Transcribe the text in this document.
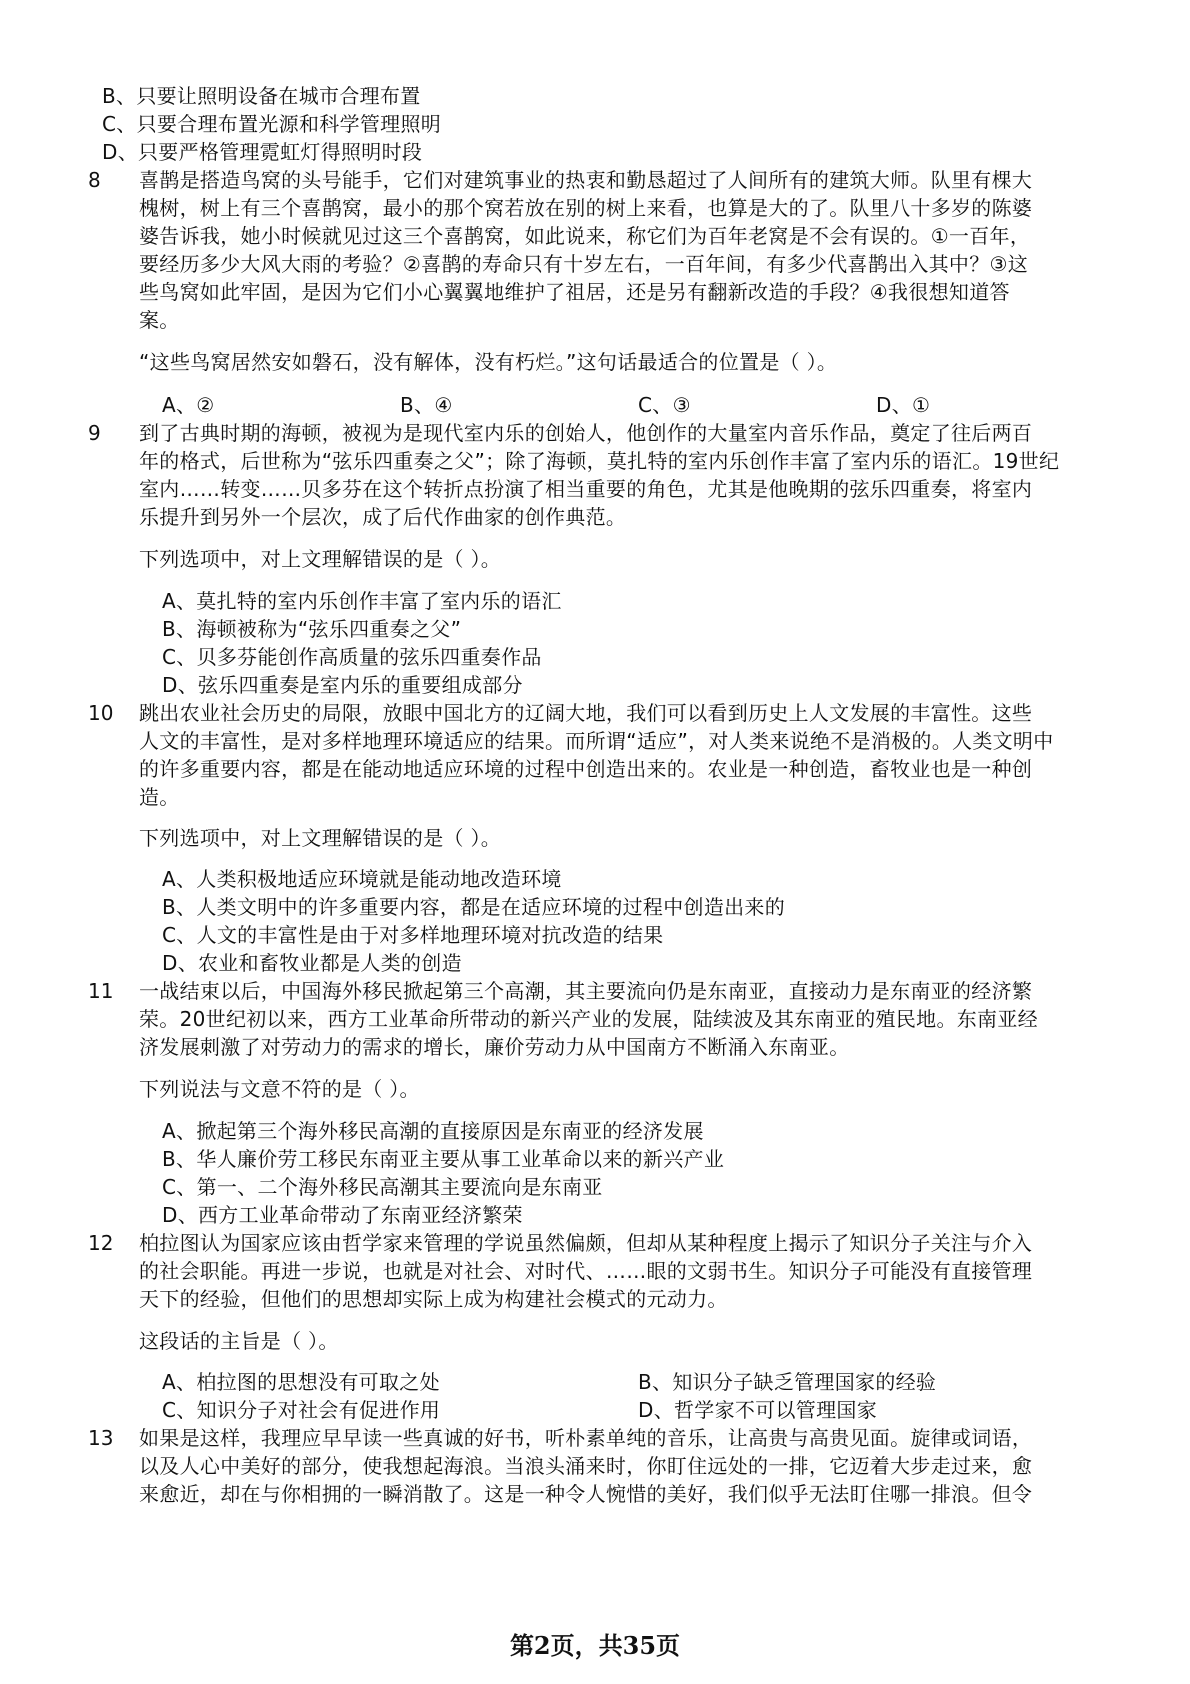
B、只要让照明设备在城市合理布置
C、只要合理布置光源和科学管理照明
D、只要严格管理霓虹灯得照明时段
8 喜鹊是搭造鸟窝的头号能手，它们对建筑事业的热衷和勤恳超过了人间所有的建筑大师。队里有棵大
槐树，树上有三个喜鹊窝，最小的那个窝若放在别的树上来看，也算是大的了。队里八十多岁的陈婆
婆告诉我，她小时候就见过这三个喜鹊窝，如此说来，称它们为百年老窝是不会有误的。①一百年，
要经历多少大风大雨的考验？②喜鹊的寿命只有十岁左右，一百年间，有多少代喜鹊出入其中？③这
些鸟窝如此牢固，是因为它们小心翼翼地维护了祖居，还是另有翻新改造的手段？④我很想知道答
案。
“这些鸟窝居然安如磐石，没有解体，没有朽烂。”这句话最适合的位置是（ ）。
A、②	B、④	C、③	D、①
9 到了古典时期的海顿，被视为是现代室内乐的创始人，他创作的大量室内音乐作品，奠定了往后两百
年的格式，后世称为“弦乐四重奏之父”；除了海顿，莫扎特的室内乐创作丰富了室内乐的语汇。19世纪
室内……转变……贝多芬在这个转折点扮演了相当重要的角色，尤其是他晚期的弦乐四重奏，将室内
乐提升到另外一个层次，成了后代作曲家的创作典范。
下列选项中，对上文理解错误的是（ ）。
A、莫扎特的室内乐创作丰富了室内乐的语汇
B、海顿被称为“弦乐四重奏之父”
C、贝多芬能创作高质量的弦乐四重奏作品
D、弦乐四重奏是室内乐的重要组成部分
10 跳出农业社会历史的局限，放眼中国北方的辽阔大地，我们可以看到历史上人文发展的丰富性。这些
人文的丰富性，是对多样地理环境适应的结果。而所谓“适应”，对人类来说绝不是消极的。人类文明中
的许多重要内容，都是在能动地适应环境的过程中创造出来的。农业是一种创造，畜牧业也是一种创
造。
下列选项中，对上文理解错误的是（ ）。
A、人类积极地适应环境就是能动地改造环境
B、人类文明中的许多重要内容，都是在适应环境的过程中创造出来的
C、人文的丰富性是由于对多样地理环境对抗改造的结果
D、农业和畜牧业都是人类的创造
11 一战结束以后，中国海外移民掀起第三个高潮，其主要流向仍是东南亚，直接动力是东南亚的经济繁
荣。20世纪初以来，西方工业革命所带动的新兴产业的发展，陆续波及其东南亚的殖民地。东南亚经
济发展刺激了对劳动力的需求的增长，廉价劳动力从中国南方不断涌入东南亚。
下列说法与文意不符的是（ ）。
A、掀起第三个海外移民高潮的直接原因是东南亚的经济发展
B、华人廉价劳工移民东南亚主要从事工业革命以来的新兴产业
C、第一、二个海外移民高潮其主要流向是东南亚
D、西方工业革命带动了东南亚经济繁荣
12 柏拉图认为国家应该由哲学家来管理的学说虽然偏颇，但却从某种程度上揭示了知识分子关注与介入
的社会职能。再进一步说，也就是对社会、对时代、……眼的文弱书生。知识分子可能没有直接管理
天下的经验，但他们的思想却实际上成为构建社会模式的元动力。
这段话的主旨是（ ）。
A、柏拉图的思想没有可取之处	B、知识分子缺乏管理国家的经验
C、知识分子对社会有促进作用	D、哲学家不可以管理国家
13 如果是这样，我理应早早读一些真诚的好书，听朴素单纯的音乐，让高贵与高贵见面。旋律或词语，
以及人心中美好的部分，使我想起海浪。当浪头涌来时，你盯住远处的一排，它迈着大步走过来，愈
来愈近，却在与你相拥的一瞬消散了。这是一种令人惋惜的美好，我们似乎无法盯住哪一排浪。但令
第2页，共35页
